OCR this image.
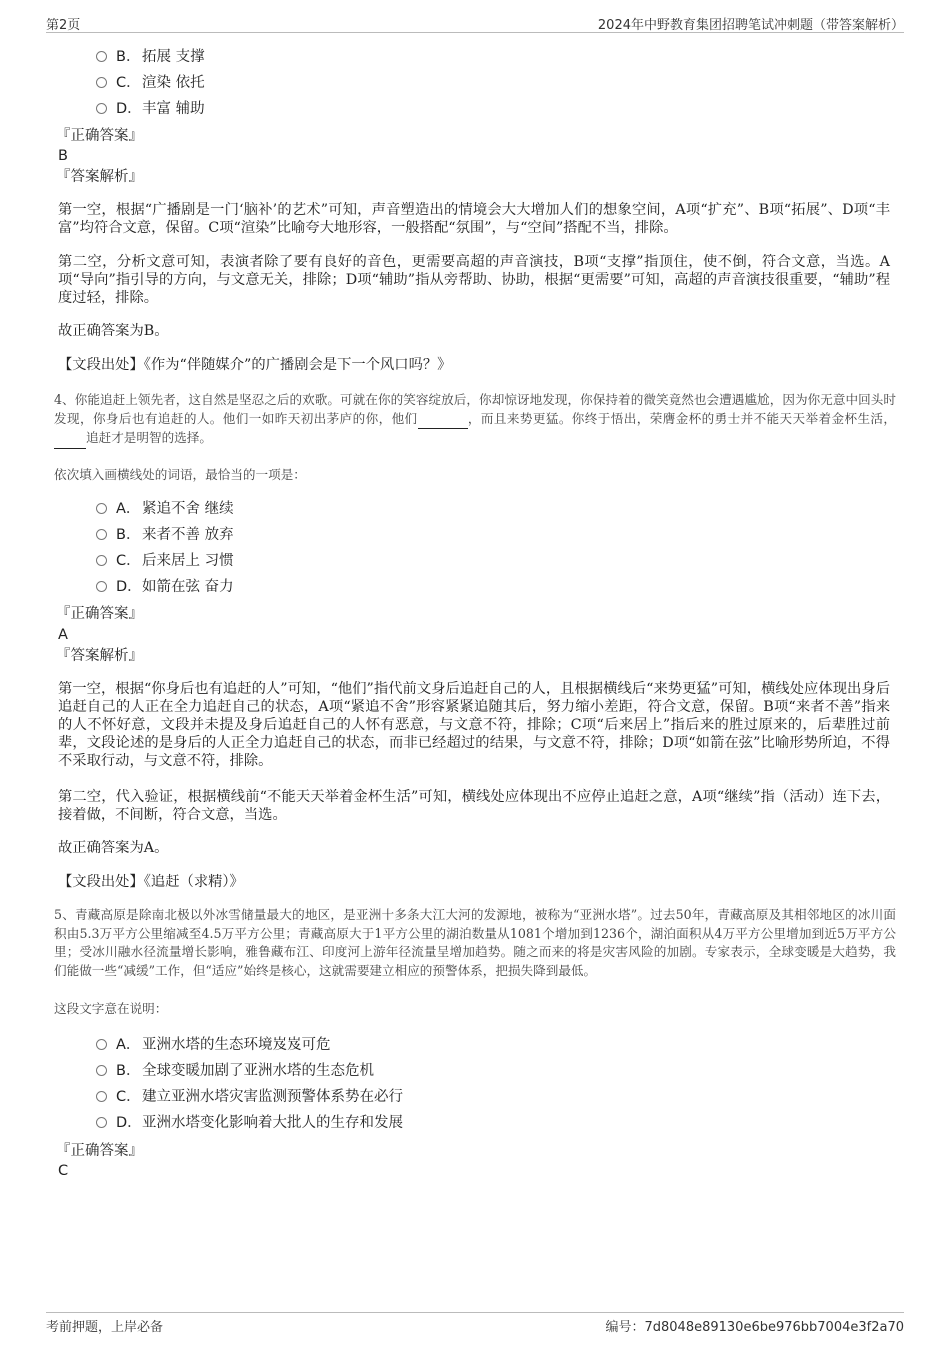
第2页	2024年中野教育集团招聘笔试冲刺题（带答案解析）
B． 拓展 支撑
C．渲染 依托
D．丰富 辅助
『正确答案』
B
『答案解析』

第一空，根据“广播剧是一门‘脑补’的艺术”可知，声音塑造出的情境会大大增加人们的想象空间，A项“扩充”、B项“拓展”、D项“丰富”均符合文意，保留。C项“渲染”比喻夸大地形容，一般搭配“氛围”，与“空间”搭配不当，排除。

第二空，分析文意可知，表演者除了要有良好的音色，更需要高超的声音演技，B项“支撑”指顶住，使不倒，符合文意，当选。A项“导向”指引导的方向，与文意无关，排除；D项“辅助”指从旁帮助、协助，根据“更需要”可知，高超的声音演技很重要，“辅助”程度过轻，排除。

故正确答案为B。

【文段出处】《作为“伴随媒介”的广播剧会是下一个风口吗？》

4、你能追赶上领先者，这自然是坚忍之后的欢歌。可就在你的笑容绽放后，你却惊讶地发现，你保持着的微笑竟然也会遭遇尴尬，因为你无意中回头时发现，你身后也有追赶的人。他们一如昨天初出茅庐的你，他们	，而且来势更猛。你终于悟出，荣膺金杯的勇士并不能天天举着金杯生活，追赶才是明智的选择。

依次填入画横线处的词语，最恰当的一项是：
A． 紧追不舍 继续
B． 来者不善 放弃
C．后来居上 习惯
D．如箭在弦 奋力
『正确答案』
A
『答案解析』

第一空，根据“你身后也有追赶的人”可知，“他们”指代前文身后追赶自己的人，且根据横线后“来势更猛”可知，横线处应体现出身后追赶自己的人正在全力追赶自己的状态，A项“紧追不舍”形容紧紧追随其后，努力缩小差距，符合文意，保留。B项“来者不善”指来的人不怀好意，文段并未提及身后追赶自己的人怀有恶意，与文意不符，排除；C项“后来居上”指后来的胜过原来的，后辈胜过前辈，文段论述的是身后的人正全力追赶自己的状态，而非已经超过的结果，与文意不符，排除；D项“如箭在弦”比喻形势所迫，不得不采取行动，与文意不符，排除。

第二空，代入验证，根据横线前“不能天天举着金杯生活”可知，横线处应体现出不应停止追赶之意，A项“继续”指（活动）连下去，接着做，不间断，符合文意，当选。

故正确答案为A。

【文段出处】《追赶（求精）》

5、青藏高原是除南北极以外冰雪储量最大的地区，是亚洲十多条大江大河的发源地，被称为“亚洲水塔”。过去50年，青藏高原及其相邻地区的冰川面积由5.3万平方公里缩减至4.5万平方公里；青藏高原大于1平方公里的湖泊数量从1081个增加到1236个，湖泊面积从4万平方公里增加到近5万平方公里；受冰川融水径流量增长影响，雅鲁藏布江、印度河上游年径流量呈增加趋势。随之而来的将是灾害风险的加剧。专家表示，全球变暖是大趋势，我们能做一些“减缓”工作，但“适应”始终是核心，这就需要建立相应的预警体系，把损失降到最低。

这段文字意在说明：
A． 亚洲水塔的生态环境岌岌可危
B． 全球变暖加剧了亚洲水塔的生态危机
C．建立亚洲水塔灾害监测预警体系势在必行
D．亚洲水塔变化影响着大批人的生存和发展
『正确答案』
C
考前押题，上岸必备	编号：7d8048e89130e6be976bb7004e3f2a70
